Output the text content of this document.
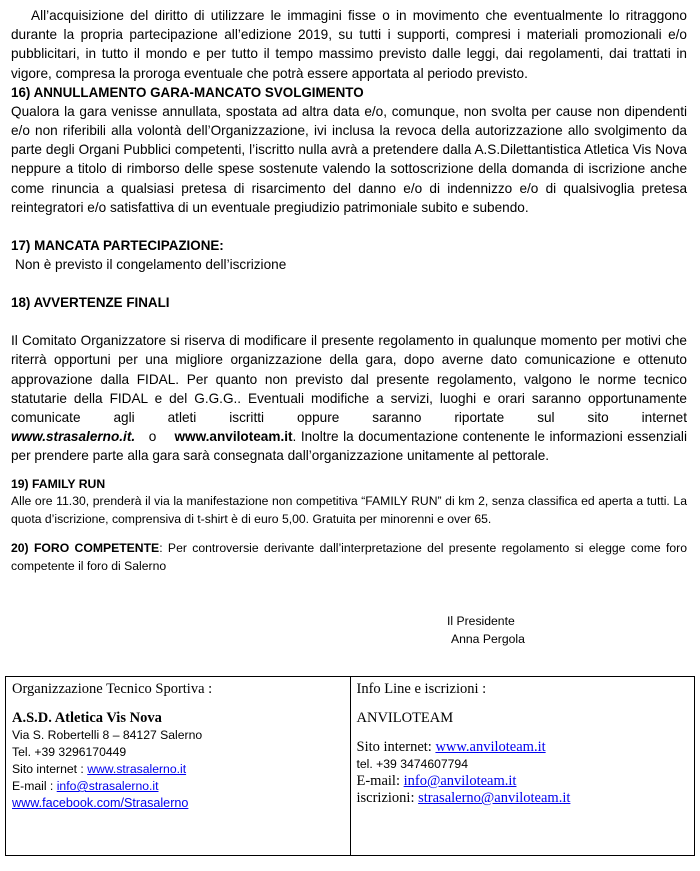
All’acquisizione del diritto di utilizzare le immagini fisse o in movimento che eventualmente lo ritraggono durante la propria partecipazione all’edizione 2019, su tutti i supporti, compresi i materiali promozionali e/o pubblicitari, in tutto il mondo e per tutto il tempo massimo previsto dalle leggi, dai regolamenti, dai trattati in vigore, compresa la proroga eventuale che potrà essere apportata al periodo previsto.

16) ANNULLAMENTO GARA-MANCATO SVOLGIMENTO

Qualora la gara venisse annullata, spostata ad altra data e/o, comunque, non svolta per cause non dipendenti e/o non riferibili alla volontà dell’Organizzazione, ivi inclusa la revoca della autorizzazione allo svolgimento da parte degli Organi Pubblici competenti, l’iscritto nulla avrà a pretendere dalla A.S.Dilettantistica Atletica Vis Nova neppure a titolo di rimborso delle spese sostenute valendo la sottoscrizione della domanda di iscrizione anche come rinuncia a qualsiasi pretesa di risarcimento del danno e/o di indennizzo e/o di qualsivoglia pretesa reintegratori e/o satisfattiva di un eventuale pregiudizio patrimoniale subito e subendo.

17) MANCATA PARTECIPAZIONE:

Non è previsto il congelamento dell’iscrizione

18) AVVERTENZE FINALI

Il Comitato Organizzatore si riserva di modificare il presente regolamento in qualunque momento per motivi che riterrà opportuni per una migliore organizzazione della gara, dopo averne dato comunicazione e ottenuto approvazione dalla FIDAL. Per quanto non previsto dal presente regolamento, valgono le norme tecnico statutarie della FIDAL e del G.G.G.. Eventuali modifiche a servizi, luoghi e orari saranno opportunamente comunicate agli atleti iscritti oppure saranno riportate sul sito internet www.strasalerno.it. o www.anviloteam.it. Inoltre la documentazione contenente le informazioni essenziali per prendere parte alla gara sarà consegnata dall’organizzazione unitamente al pettorale.

19) FAMILY RUN

Alle ore 11.30, prenderà il via la manifestazione non competitiva “FAMILY RUN” di km 2, senza classifica ed aperta a tutti. La quota d’iscrizione, comprensiva di t-shirt è di euro 5,00. Gratuita per minorenni e over 65.

20) FORO COMPETENTE: Per controversie derivante dall’interpretazione del presente regolamento si elegge come foro competente il foro di Salerno

Il Presidente
Anna Pergola
Organizzazione Tecnico Sportiva :
A.S.D. Atletica Vis Nova
Via S. Robertelli 8 – 84127 Salerno
Tel. +39 3296170449
Sito internet : www.strasalerno.it
E-mail : info@strasalerno.it
www.facebook.com/Strasalerno

Info Line e iscrizioni :
ANVILOTEAM
Sito internet: www.anviloteam.it
tel. +39 3474607794
E-mail: info@anviloteam.it
iscrizioni: strasalerno@anviloteam.it
